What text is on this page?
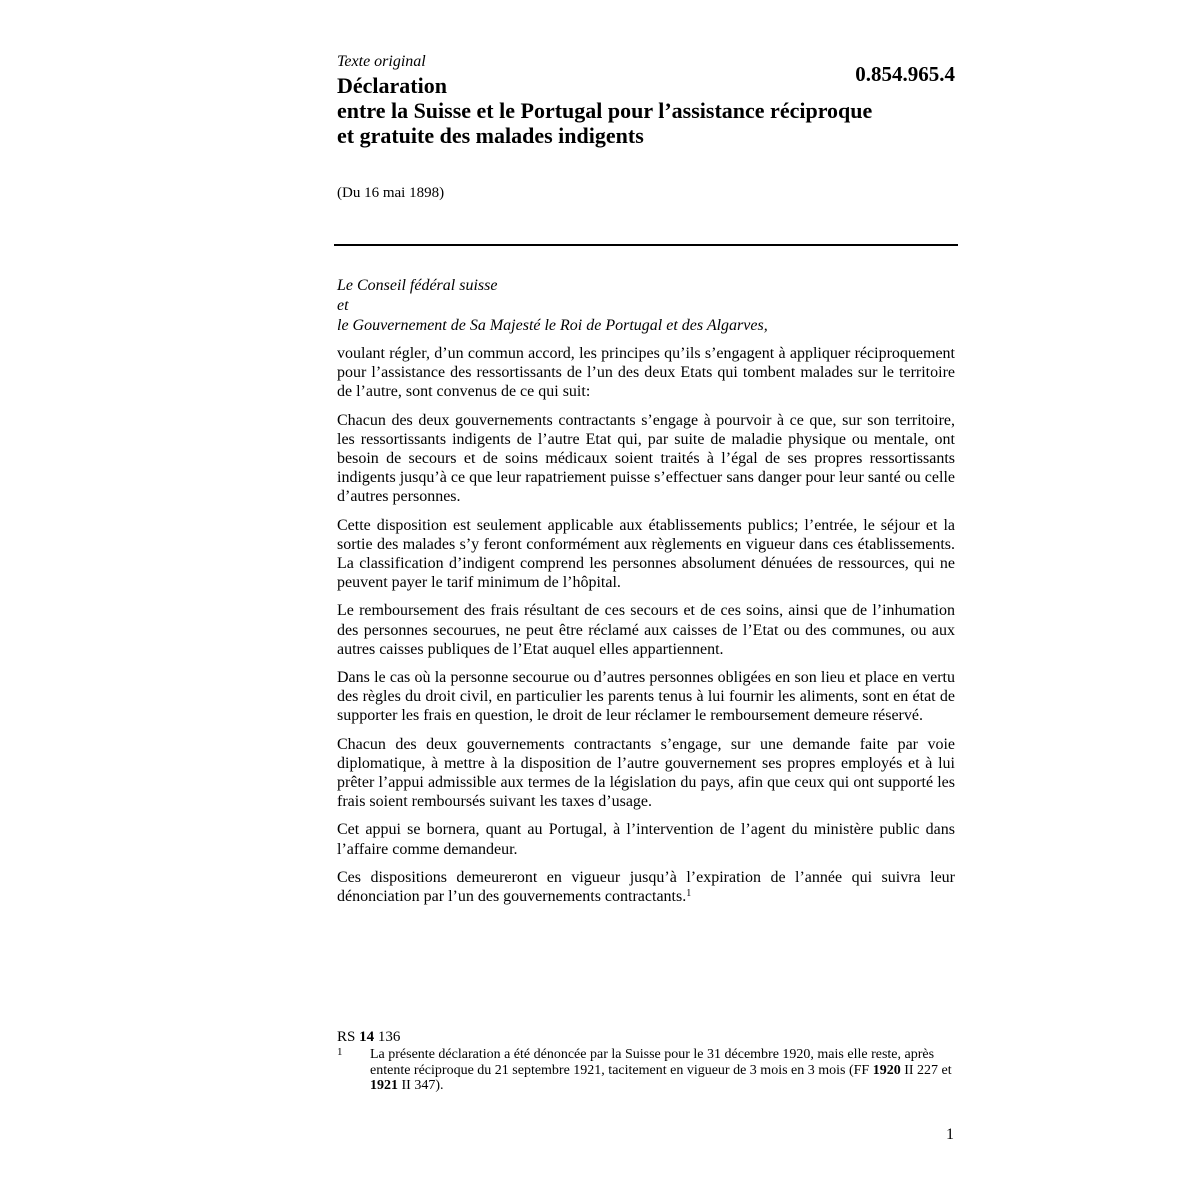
Texte original
0.854.965.4
Déclaration
entre la Suisse et le Portugal pour l’assistance réciproque
et gratuite des malades indigents
(Du 16 mai 1898)
Le Conseil fédéral suisse
et
le Gouvernement de Sa Majesté le Roi de Portugal et des Algarves,

voulant régler, d’un commun accord, les principes qu’ils s’engagent à appliquer réciproquement pour l’assistance des ressortissants de l’un des deux Etats qui tombent malades sur le territoire de l’autre, sont convenus de ce qui suit:

Chacun des deux gouvernements contractants s’engage à pourvoir à ce que, sur son territoire, les ressortissants indigents de l’autre Etat qui, par suite de maladie physique ou mentale, ont besoin de secours et de soins médicaux soient traités à l’égal de ses propres ressortissants indigents jusqu’à ce que leur rapatriement puisse s’effectuer sans danger pour leur santé ou celle d’autres personnes.

Cette disposition est seulement applicable aux établissements publics; l’entrée, le séjour et la sortie des malades s’y feront conformément aux règlements en vigueur dans ces établissements. La classification d’indigent comprend les personnes absolument dénuées de ressources, qui ne peuvent payer le tarif minimum de l’hôpital.

Le remboursement des frais résultant de ces secours et de ces soins, ainsi que de l’inhumation des personnes secourues, ne peut être réclamé aux caisses de l’Etat ou des communes, ou aux autres caisses publiques de l’Etat auquel elles appartiennent.

Dans le cas où la personne secourue ou d’autres personnes obligées en son lieu et place en vertu des règles du droit civil, en particulier les parents tenus à lui fournir les aliments, sont en état de supporter les frais en question, le droit de leur réclamer le remboursement demeure réservé.

Chacun des deux gouvernements contractants s’engage, sur une demande faite par voie diplomatique, à mettre à la disposition de l’autre gouvernement ses propres employés et à lui prêter l’appui admissible aux termes de la législation du pays, afin que ceux qui ont supporté les frais soient remboursés suivant les taxes d’usage.

Cet appui se bornera, quant au Portugal, à l’intervention de l’agent du ministère public dans l’affaire comme demandeur.

Ces dispositions demeureront en vigueur jusqu’à l’expiration de l’année qui suivra leur dénonciation par l’un des gouvernements contractants.$^1$

RS 14 136
1 La présente déclaration a été dénoncée par la Suisse pour le 31 décembre 1920, mais elle reste, après entente réciproque du 21 septembre 1921, tacitement en vigueur de 3 mois en 3 mois (FF 1920 II 227 et 1921 II 347).
1
